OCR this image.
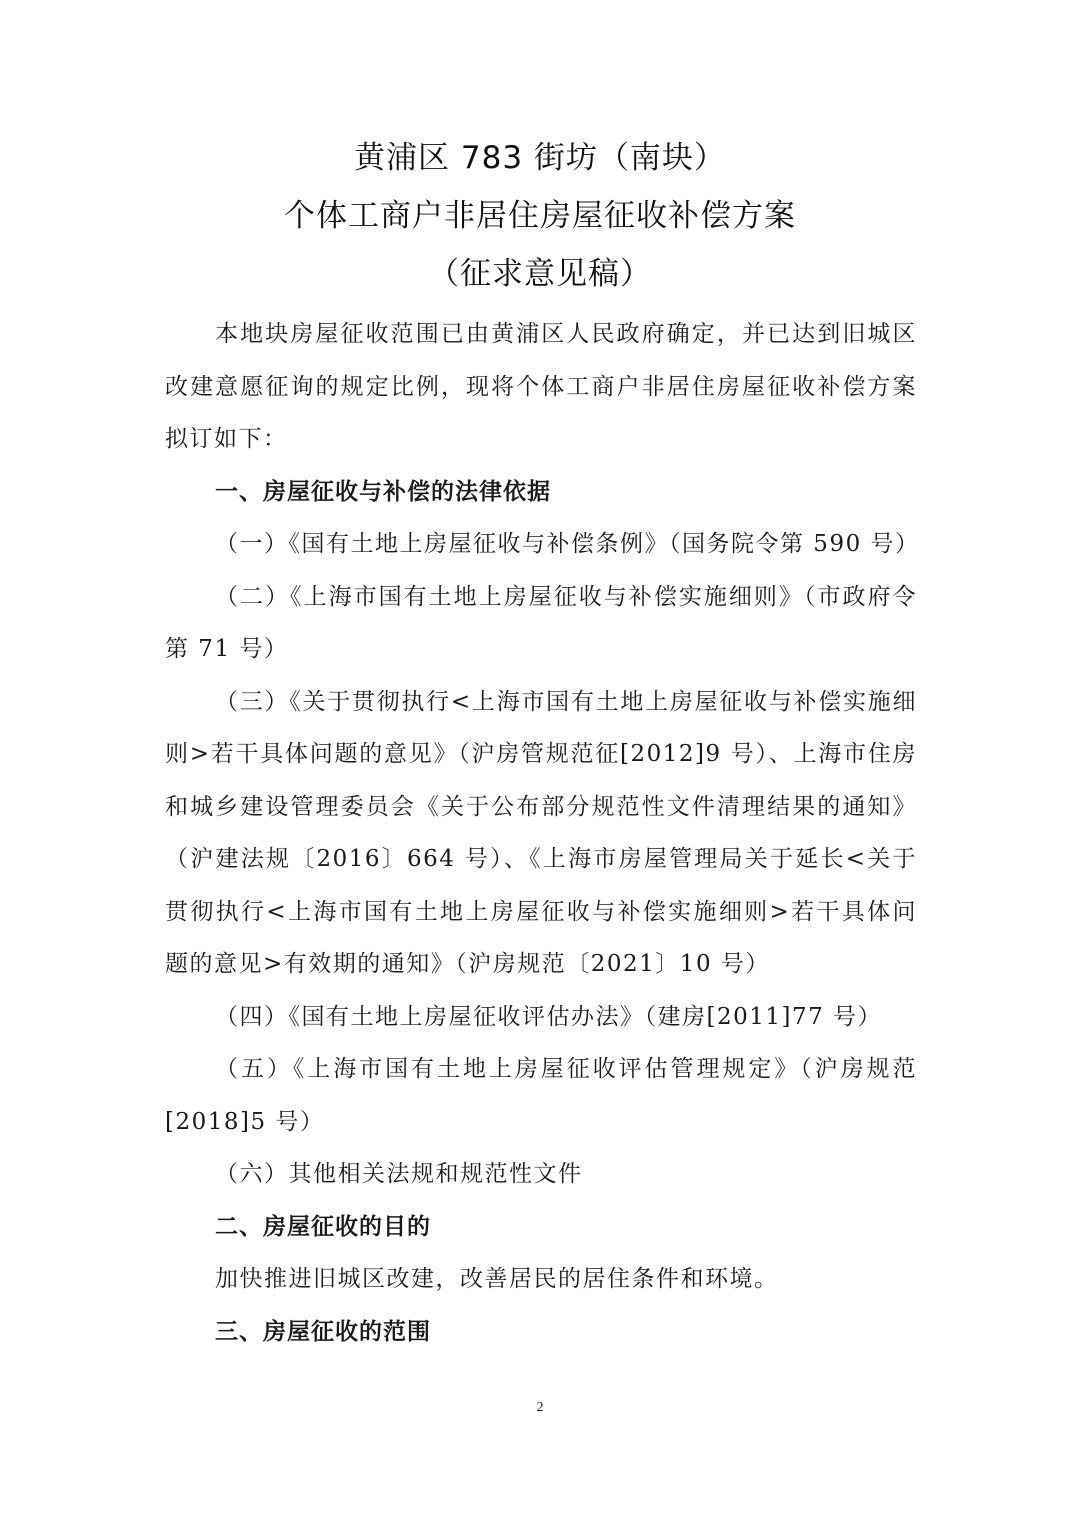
黄浦区 783 街坊（南块）
个体工商户非居住房屋征收补偿方案
（征求意见稿）

本地块房屋征收范围已由黄浦区人民政府确定，并已达到旧城区改建意愿征询的规定比例，现将个体工商户非居住房屋征收补偿方案拟订如下：

一、房屋征收与补偿的法律依据

（一）《国有土地上房屋征收与补偿条例》（国务院令第 590 号）

（二）《上海市国有土地上房屋征收与补偿实施细则》（市政府令第 71 号）

（三）《关于贯彻执行<上海市国有土地上房屋征收与补偿实施细则>若干具体问题的意见》（沪房管规范征[2012]9 号）、上海市住房和城乡建设管理委员会《关于公布部分规范性文件清理结果的通知》（沪建法规〔2016〕664 号）、《上海市房屋管理局关于延长<关于贯彻执行<上海市国有土地上房屋征收与补偿实施细则>若干具体问题的意见>有效期的通知》（沪房规范〔2021〕10 号）

（四）《国有土地上房屋征收评估办法》（建房[2011]77 号）

（五）《上海市国有土地上房屋征收评估管理规定》（沪房规范[2018]5 号）

（六）其他相关法规和规范性文件

二、房屋征收的目的

加快推进旧城区改建，改善居民的居住条件和环境。

三、房屋征收的范围

2
